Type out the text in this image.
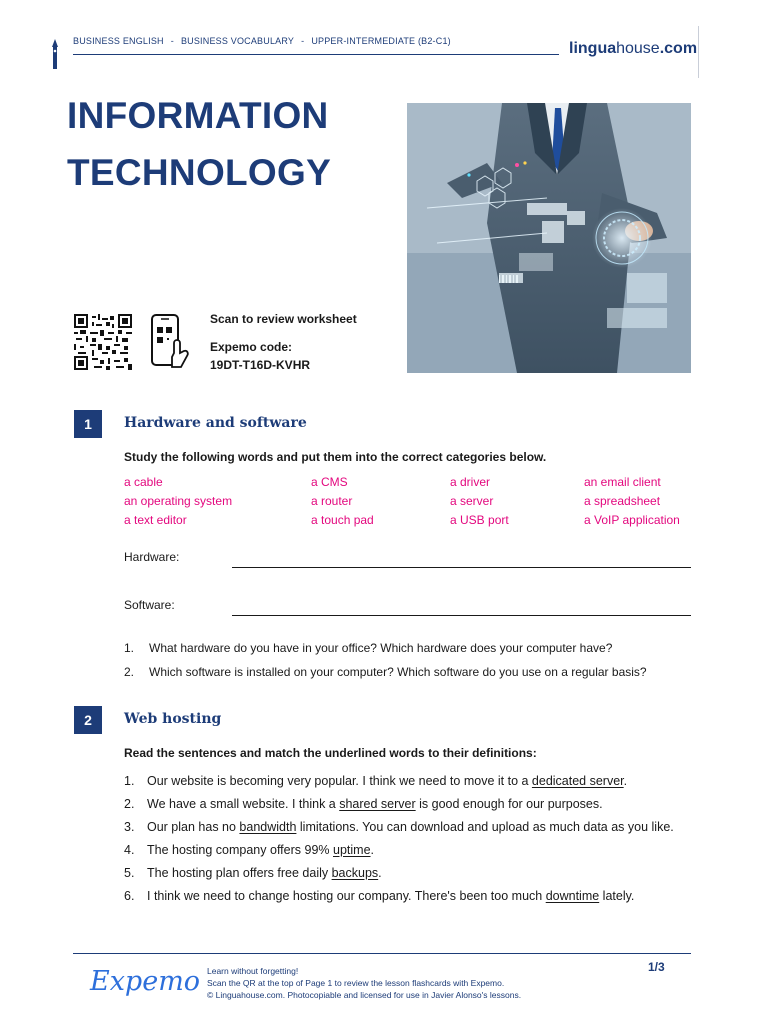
BUSINESS ENGLISH - BUSINESS VOCABULARY - UPPER-INTERMEDIATE (B2-C1)	linguahouse.com
INFORMATION
TECHNOLOGY
Scan to review worksheet
Expemo code:
19DT-T16D-KVHR
1	Hardware and software
Study the following words and put them into the correct categories below.
a cable	a CMS	a driver	an email client
an operating system	a router	a server	a spreadsheet
a text editor	a touch pad	a USB port	a VoIP application
Hardware:
Software:
1. What hardware do you have in your office? Which hardware does your computer have?
2. Which software is installed on your computer? Which software do you use on a regular basis?
2	Web hosting
Read the sentences and match the underlined words to their definitions:
1. Our website is becoming very popular. I think we need to move it to a dedicated server.
2. We have a small website. I think a shared server is good enough for our purposes.
3. Our plan has no bandwidth limitations. You can download and upload as much data as you like.
4. The hosting company offers 99% uptime.
5. The hosting plan offers free daily backups.
6. I think we need to change hosting our company. There's been too much downtime lately.
Expemo Learn without forgetting!
Scan the QR at the top of Page 1 to review the lesson flashcards with Expemo.
© Linguahouse.com. Photocopiable and licensed for use in Javier Alonso's lessons.
1/3
